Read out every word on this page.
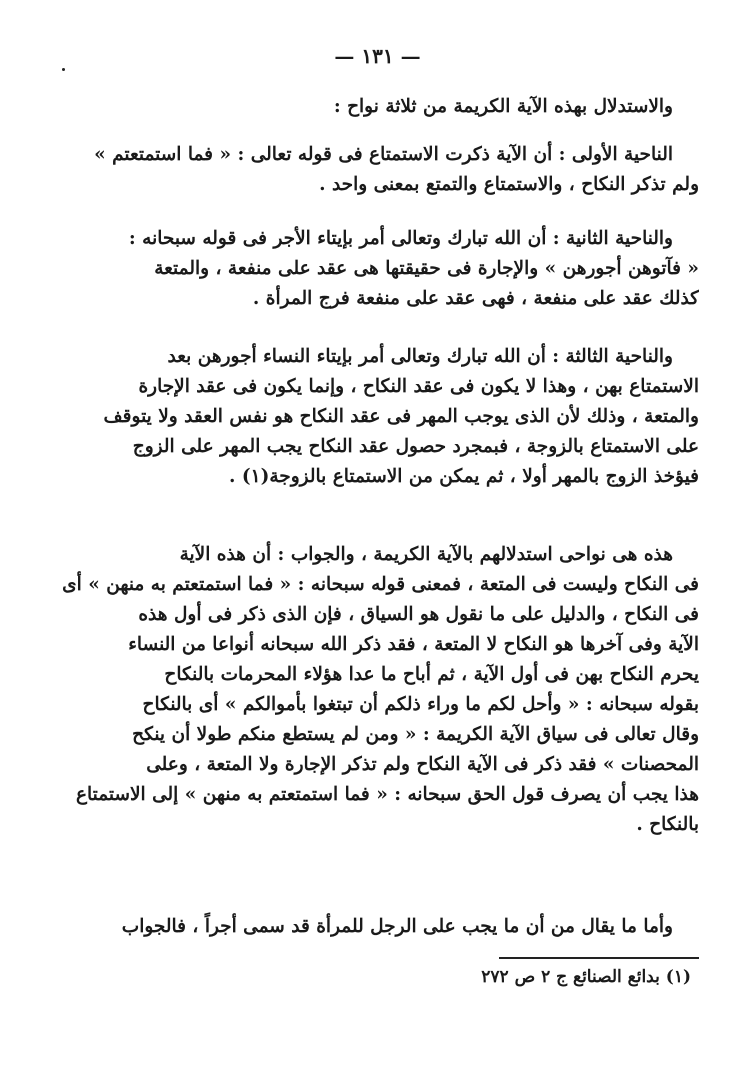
— ١٣١ —
والاستدلال بهذه الآية الكريمة من ثلاثة نواح :
الناحية الأولى : أن الآية ذكرت الاستمتاع فى قوله تعالى : « فما استمتعتم »
ولم تذكر النكاح ، والاستمتاع والتمتع بمعنى واحد .
والناحية الثانية : أن الله تبارك وتعالى أمر بإيتاء الأجر فى قوله سبحانه :
« فآتوهن أجورهن » والإجارة فى حقيقتها هى عقد على منفعة ، والمتعة
كذلك عقد على منفعة ، فهى عقد على منفعة فرج المرأة .
والناحية الثالثة : أن الله تبارك وتعالى أمر بإيتاء النساء أجورهن بعد
الاستمتاع بهن ، وهذا لا يكون فى عقد النكاح ، وإنما يكون فى عقد الإجارة
والمتعة ، وذلك لأن الذى يوجب المهر فى عقد النكاح هو نفس العقد ولا يتوقف
على الاستمتاع بالزوجة ، فبمجرد حصول عقد النكاح يجب المهر على الزوج
فيؤخذ الزوج بالمهر أولا ، ثم يمكن من الاستمتاع بالزوجة(١) .
هذه هى نواحى استدلالهم بالآية الكريمة ، والجواب : أن هذه الآية
فى النكاح وليست فى المتعة ، فمعنى قوله سبحانه : « فما استمتعتم به منهن » أى
فى النكاح ، والدليل على ما نقول هو السياق ، فإن الذى ذكر فى أول هذه
الآية وفى آخرها هو النكاح لا المتعة ، فقد ذكر الله سبحانه أنواعا من النساء
يحرم النكاح بهن فى أول الآية ، ثم أباح ما عدا هؤلاء المحرمات بالنكاح
بقوله سبحانه : « وأحل لكم ما وراء ذلكم أن تبتغوا بأموالكم » أى بالنكاح
وقال تعالى فى سياق الآية الكريمة : « ومن لم يستطع منكم طولا أن ينكح
المحصنات » فقد ذكر فى الآية النكاح ولم تذكر الإجارة ولا المتعة ، وعلى
هذا يجب أن يصرف قول الحق سبحانه : « فما استمتعتم به منهن » إلى الاستمتاع
بالنكاح .
وأما ما يقال من أن ما يجب على الرجل للمرأة قد سمى أجراً ، فالجواب
(١) بدائع الصنائع ج ٢ ص ٢٧٢
